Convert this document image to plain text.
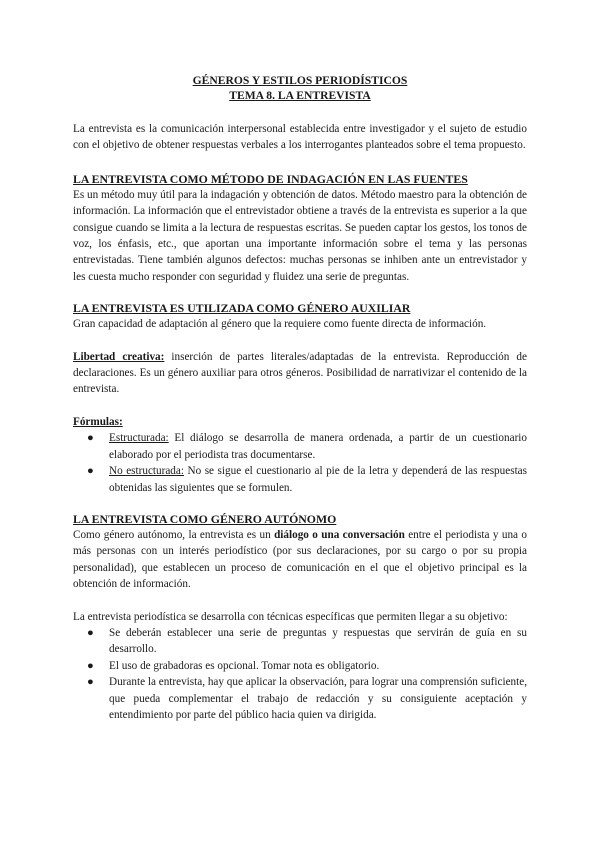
GÉNEROS Y ESTILOS PERIODÍSTICOS
TEMA 8. LA ENTREVISTA

La entrevista es la comunicación interpersonal establecida entre investigador y el sujeto de estudio con el objetivo de obtener respuestas verbales a los interrogantes planteados sobre el tema propuesto.

LA ENTREVISTA COMO MÉTODO DE INDAGACIÓN EN LAS FUENTES

Es un método muy útil para la indagación y obtención de datos. Método maestro para la obtención de información. La información que el entrevistador obtiene a través de la entrevista es superior a la que consigue cuando se limita a la lectura de respuestas escritas. Se pueden captar los gestos, los tonos de voz, los énfasis, etc., que aportan una importante información sobre el tema y las personas entrevistadas. Tiene también algunos defectos: muchas personas se inhiben ante un entrevistador y les cuesta mucho responder con seguridad y fluidez una serie de preguntas.

LA ENTREVISTA ES UTILIZADA COMO GÉNERO AUXILIAR

Gran capacidad de adaptación al género que la requiere como fuente directa de información.

Libertad creativa: inserción de partes literales/adaptadas de la entrevista. Reproducción de declaraciones. Es un género auxiliar para otros géneros. Posibilidad de narrativizar el contenido de la entrevista.

Fórmulas:

● Estructurada: El diálogo se desarrolla de manera ordenada, a partir de un cuestionario elaborado por el periodista tras documentarse.
● No estructurada: No se sigue el cuestionario al pie de la letra y dependerá de las respuestas obtenidas las siguientes que se formulen.
LA ENTREVISTA COMO GÉNERO AUTÓNOMO

Como género autónomo, la entrevista es un diálogo o una conversación entre el periodista y una o más personas con un interés periodístico (por sus declaraciones, por su cargo o por su propia personalidad), que establecen un proceso de comunicación en el que el objetivo principal es la obtención de información.

La entrevista periodística se desarrolla con técnicas específicas que permiten llegar a su objetivo:

● Se deberán establecer una serie de preguntas y respuestas que servirán de guía en su desarrollo.
● El uso de grabadoras es opcional. Tomar nota es obligatorio.
● Durante la entrevista, hay que aplicar la observación, para lograr una comprensión suficiente, que pueda complementar el trabajo de redacción y su consiguiente aceptación y entendimiento por parte del público hacia quien va dirigida.
